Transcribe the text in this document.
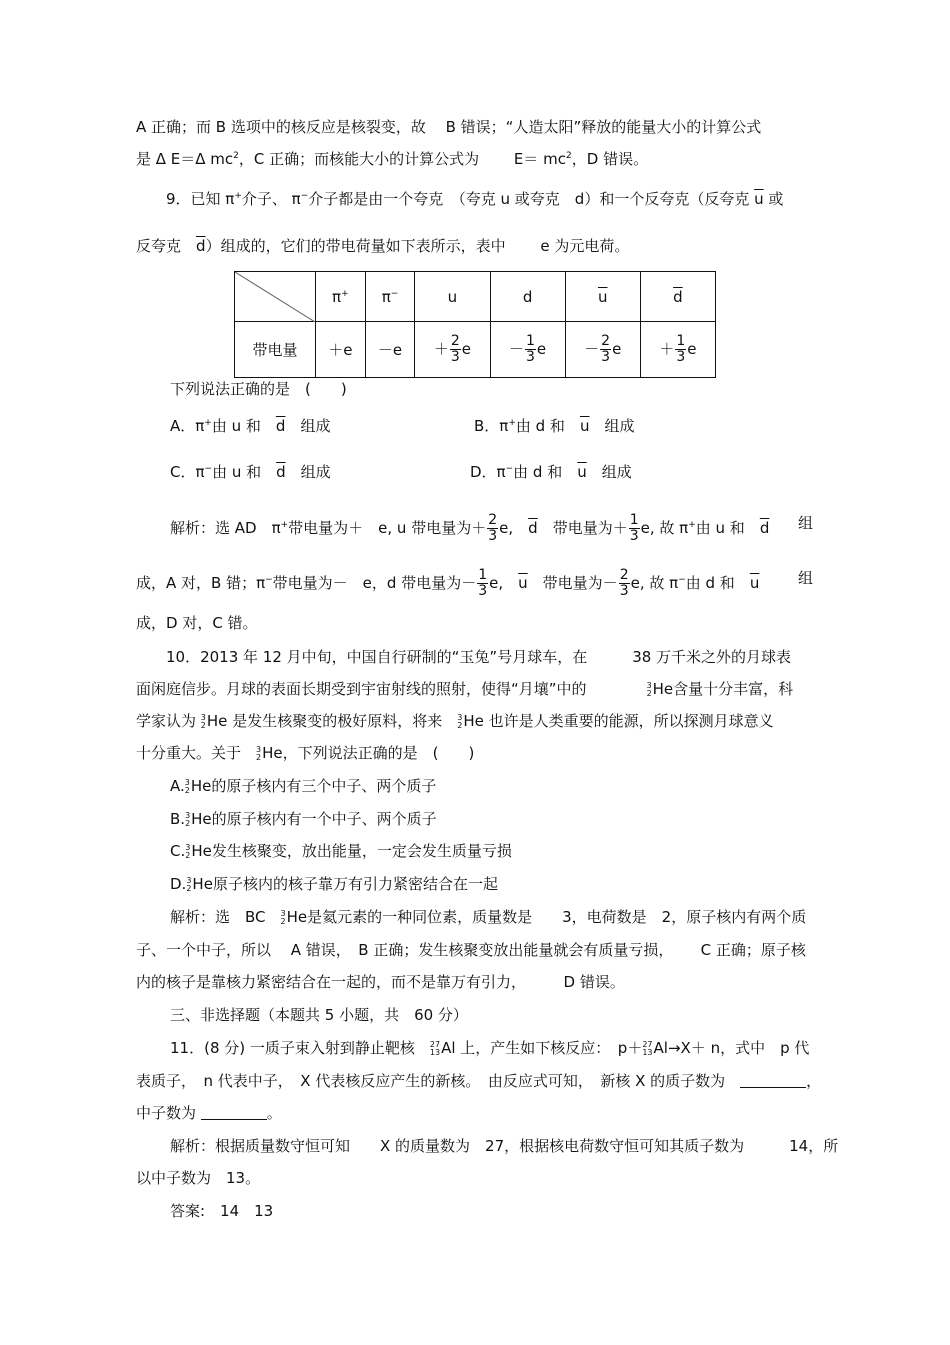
A 正确；而 B 选项中的核反应是核裂变，故　 B 错误；“人造太阳”释放的能量大小的计算公式
是 Δ E＝Δ $mc^2$，C 正确；而核能大小的计算公式为　　 $E= mc^2$，D 错误。
9．已知 π+介子、 π−介子都是由一个夸克　（夸克 u 或夸克　d）和一个反夸克（反夸克 $\overline{u}$ 或
反夸克　 $\overline{d}$）组成的，它们的带电荷量如下表所示，表中　　 e 为元电荷。
	π+	π−	u	d	$\overline{u}$	$\overline{d}$
带电量	＋e	－e	＋ $\frac{2}{3}$ e	－ $\frac{1}{3}$ e	－ $\frac{2}{3}$ e	＋ $\frac{1}{3}$ e
下列说法正确的是　(　　)
A．π+由 u 和　 $\overline{d}$　 组成	B．π+由 d 和　 $\overline{u}$　 组成
C．π−由 u 和　 $\overline{d}$　 组成	D．π−由 d 和　 $\overline{u}$　 组成
解析：选 AD　π+带电量为＋　e, u 带电量为＋ $\frac{2}{3} e$,　 $\overline{d}$　 带电量为＋ $\frac{1}{3} e$, 故 π+由 u 和　 $\overline{d}$ 组
成，A 对，B 错；π−带电量为－　e，d 带电量为－ $\frac{1}{3} e$,　 $\overline{u}$　 带电量为－ $\frac{2}{3} e$, 故 π−由 d 和　 $\overline{u}$	组
成，D 对，C 错。
10．2013 年 12 月中旬，中国自行研制的“玉兔”号月球车，在　　　38 万千米之外的月球表
面闲庭信步。月球的表面长期受到宇宙射线的照射，使得“月壤”中的　　　　	3
2 He含量十分丰富，科
学家认为 3
2 He 是发生核聚变的极好原料，将来　 3
2 He 也许是人类重要的能源，所以探测月球意义
十分重大。关于　 3
2 He，下列说法正确的是　(　　)
A. 3
2 He的原子核内有三个中子、两个质子
B. 3
2 He的原子核内有一个中子、两个质子
C. 3
2 He发生核聚变，放出能量，一定会发生质量亏损
D. 3
2 He原子核内的核子靠万有引力紧密结合在一起
解析：选　BC　 3
2 He是氦元素的一种同位素，质量数是　　3，电荷数是　2，原子核内有两个质
子、一个中子，所以　 A 错误，　B 正确；发生核聚变放出能量就会有质量亏损，　　 C 正确；原子核
内的核子是靠核力紧密结合在一起的，而不是靠万有引力，　　　D 错误。
三、非选择题（本题共 5 小题，共　60 分）
11．(8 分) 一质子束入射到静止靶核　 27
13 Al 上，产生如下核反应：　p＋ 27
13 Al→X＋ n，式中　p 代
表质子，　n 代表中子，　X 代表核反应产生的新核。　由反应式可知，　新核 X 的质子数为　	，
中子数为	。
解析：根据质量数守恒可知　　X 的质量数为　27，根据核电荷数守恒可知其质子数为　　　14，所
以中子数为　13。
答案:　14　13
